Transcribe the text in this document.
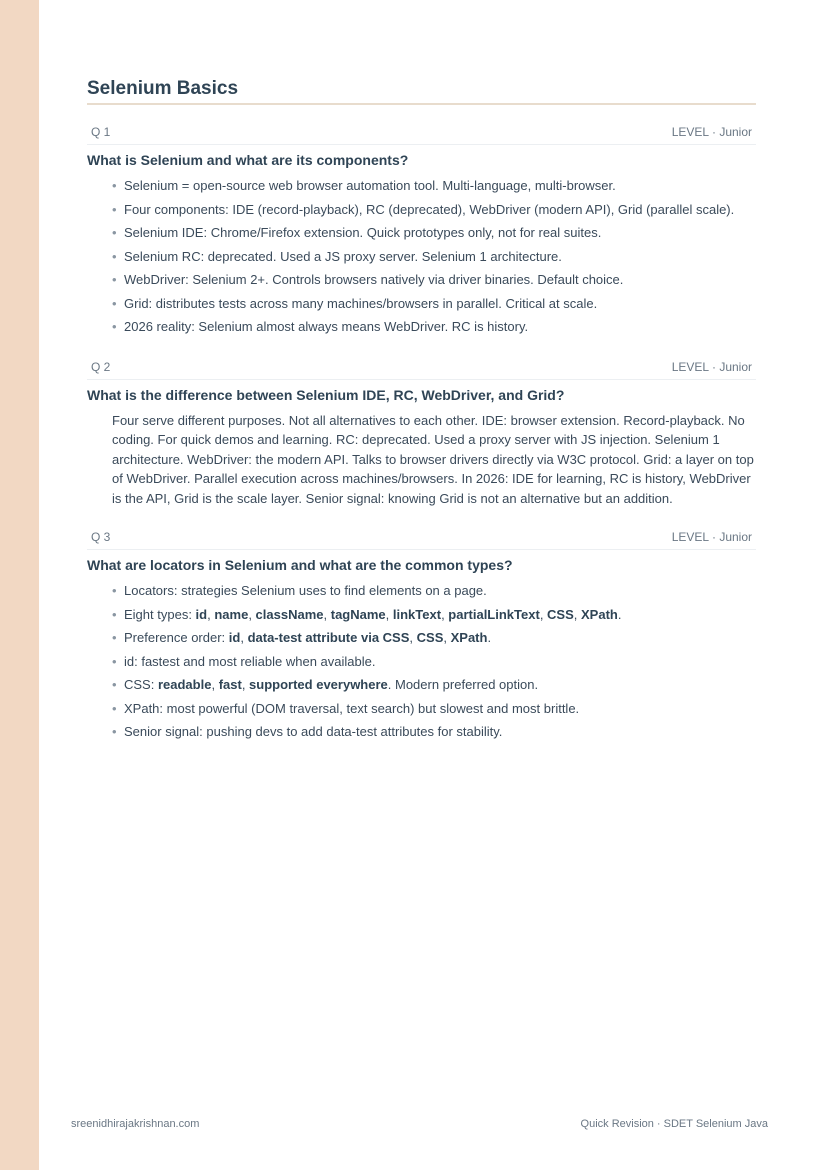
Selenium Basics
Q 1	LEVEL · Junior
What is Selenium and what are its components?
• Selenium = open-source web browser automation tool. Multi-language, multi-browser.
• Four components: IDE (record-playback), RC (deprecated), WebDriver (modern API), Grid (parallel scale).
• Selenium IDE: Chrome/Firefox extension. Quick prototypes only, not for real suites.
• Selenium RC: deprecated. Used a JS proxy server. Selenium 1 architecture.
• WebDriver: Selenium 2+. Controls browsers natively via driver binaries. Default choice.
• Grid: distributes tests across many machines/browsers in parallel. Critical at scale.
• 2026 reality: Selenium almost always means WebDriver. RC is history.
Q 2	LEVEL · Junior
What is the difference between Selenium IDE, RC, WebDriver, and Grid?

Four serve different purposes. Not all alternatives to each other. IDE: browser extension. Record-playback. No coding. For quick demos and learning. RC: deprecated. Used a proxy server with JS injection. Selenium 1 architecture. WebDriver: the modern API. Talks to browser drivers directly via W3C protocol. Grid: a layer on top of WebDriver. Parallel execution across machines/browsers. In 2026: IDE for learning, RC is history, WebDriver is the API, Grid is the scale layer. Senior signal: knowing Grid is not an alternative but an addition.

Q 3	LEVEL · Junior
What are locators in Selenium and what are the common types?
• Locators: strategies Selenium uses to find elements on a page.
• Eight types: id, name, className, tagName, linkText, partialLinkText, CSS, XPath.
• Preference order: id, data-test attribute via CSS, CSS, XPath.
• id: fastest and most reliable when available.
• CSS: readable, fast, supported everywhere. Modern preferred option.
• XPath: most powerful (DOM traversal, text search) but slowest and most brittle.
• Senior signal: pushing devs to add data-test attributes for stability.
sreenidhirajakrishnan.com	Quick Revision · SDET Selenium Java
